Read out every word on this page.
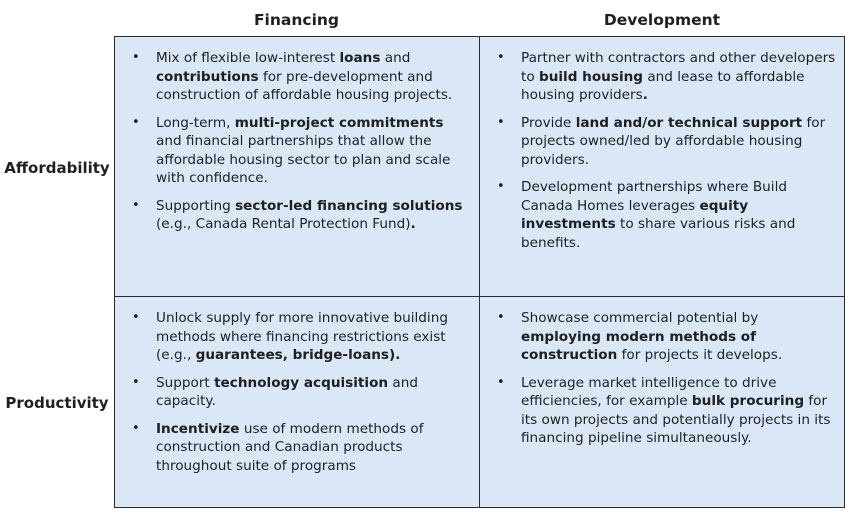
Financing	Development
Affordability
Productivity
• Mix of flexible low-interest loans and contributions for pre-development and construction of affordable housing projects.
• Long-term, multi-project commitments and financial partnerships that allow the affordable housing sector to plan and scale with confidence.
• Supporting sector-led financing solutions (e.g., Canada Rental Protection Fund).
• Partner with contractors and other developers to build housing and lease to affordable housing providers.
• Provide land and/or technical support for projects owned/led by affordable housing providers.
• Development partnerships where Build Canada Homes leverages equity investments to share various risks and benefits.
• Unlock supply for more innovative building methods where financing restrictions exist (e.g., guarantees, bridge-loans).
• Support technology acquisition and capacity.
• Incentivize use of modern methods of construction and Canadian products throughout suite of programs
• Showcase commercial potential by employing modern methods of construction for projects it develops.
• Leverage market intelligence to drive efficiencies, for example bulk procuring for its own projects and potentially projects in its financing pipeline simultaneously.
